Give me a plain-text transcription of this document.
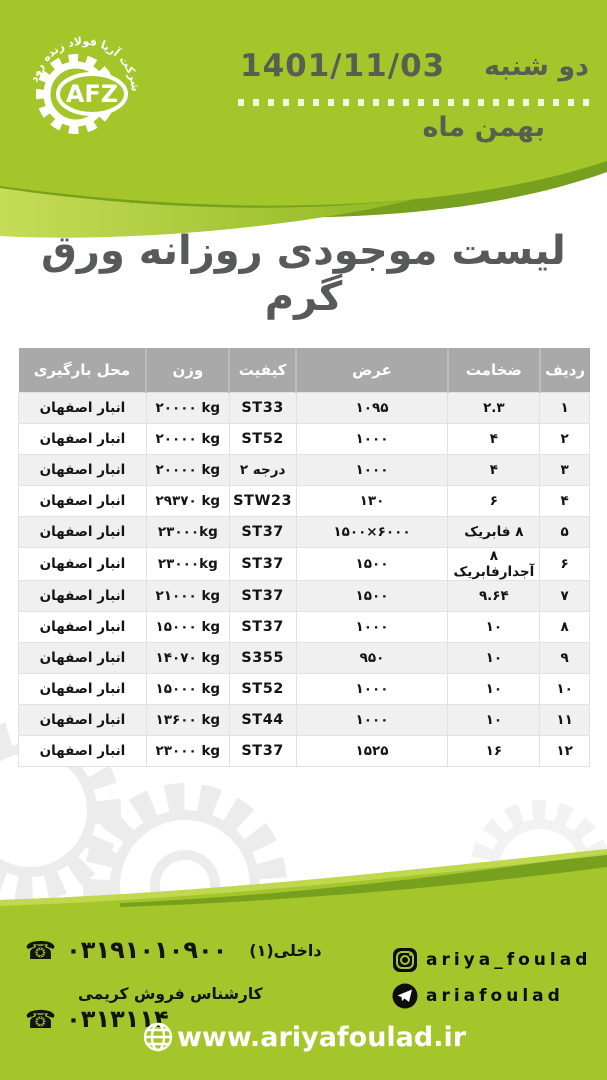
شرکت آریا فولاد زنده رود
AFZ
دو شنبه
1401/11/03
بهمن ماه
لیست موجودی روزانه ورق گرم
ردیف	ضخامت	عرض	کیفیت	وزن	محل بارگیری
۱	۲.۳	۱۰۹۵	ST33	۲۰۰۰۰ kg	انبار اصفهان
۲	۴	۱۰۰۰	ST52	۲۰۰۰۰ kg	انبار اصفهان
۳	۴	۱۰۰۰	درجه ۲	۲۰۰۰۰ kg	انبار اصفهان
۴	۶	۱۳۰	STW23	۲۹۳۷۰ kg	انبار اصفهان
۵	۸ فابریک	۱۵۰۰×۶۰۰۰	ST37	۲۳۰۰۰kg	انبار اصفهان
۶	۸ آجدارفابریک	۱۵۰۰	ST37	۲۳۰۰۰kg	انبار اصفهان
۷	۹.۶۴	۱۵۰۰	ST37	۲۱۰۰۰ kg	انبار اصفهان
۸	۱۰	۱۰۰۰	ST37	۱۵۰۰۰ kg	انبار اصفهان
۹	۱۰	۹۵۰	S355	۱۴۰۷۰ kg	انبار اصفهان
۱۰	۱۰	۱۰۰۰	ST52	۱۵۰۰۰ kg	انبار اصفهان
۱۱	۱۰	۱۰۰۰	ST44	۱۳۶۰۰ kg	انبار اصفهان
۱۲	۱۶	۱۵۲۵	ST37	۲۳۰۰۰ kg	انبار اصفهان
☎ ۰۳۱۹۱۰۱۰۹۰۰ داخلی(۱)
کارشناس فروش کریمی
☎ ۰۳۱۳۱۱۴
ariya_foulad
ariafoulad
www.ariyafoulad.ir
